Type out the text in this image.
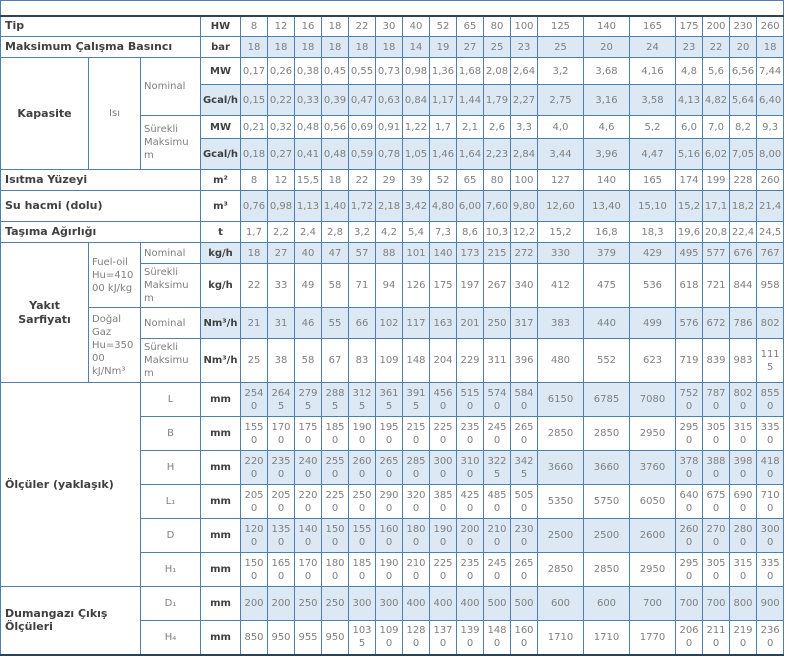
Tip			HW	8	12	16	18	22	30	40	52	65	80	100	125	140	165	175	200	230	260
Maksimum Çalışma Basıncı			bar	18	18	18	18	18	18	14	19	27	25	23	25	20	24	23	22	20	18
Kapasite	Isı	Nominal	MW	0,17	0,26	0,38	0,45	0,55	0,73	0,98	1,36	1,68	2,08	2,64	3,2	3,68	4,16	4,8	5,6	6,56	7,44
			Gcal/h	0,15	0,22	0,33	0,39	0,47	0,63	0,84	1,17	1,44	1,79	2,27	2,75	3,16	3,58	4,13	4,82	5,64	6,40
		Sürekli Maksimum	MW	0,21	0,32	0,48	0,56	0,69	0,91	1,22	1,7	2,1	2,6	3,3	4,0	4,6	5,2	6,0	7,0	8,2	9,3
			Gcal/h	0,18	0,27	0,41	0,48	0,59	0,78	1,05	1,46	1,64	2,23	2,84	3,44	3,96	4,47	5,16	6,02	7,05	8,00
Isıtma Yüzeyi			m²	8	12	15,5	18	22	29	39	52	65	80	100	127	140	165	174	199	228	260
Su hacmi (dolu)			m³	0,76	0,98	1,13	1,40	1,72	2,18	3,42	4,80	6,00	7,60	9,80	12,60	13,40	15,10	15,2	17,1	18,2	21,4
Taşıma Ağırlığı			t	1,7	2,2	2,4	2,8	3,2	4,2	5,4	7,3	8,6	10,3	12,2	15,2	16,8	18,3	19,6	20,8	22,4	24,5
Yakıt Sarfiyatı	Fuel-oil Hu=41000 kJ/kg	Nominal	kg/h	18	27	40	47	57	88	101	140	173	215	272	330	379	429	495	577	676	767
		Sürekli Maksimum	kg/h	22	33	49	58	71	94	126	175	197	267	340	412	475	536	618	721	844	958
	Doğal Gaz Hu=35000 kJ/Nm³	Nominal	Nm³/h	21	31	46	55	66	102	117	163	201	250	317	383	440	499	576	672	786	802
		Sürekli Maksimum	Nm³/h	25	38	58	67	83	109	148	204	229	311	396	480	552	623	719	839	983	1115
Ölçüler (yaklaşık)		L	mm	2540	2645	2795	2885	3125	3615	3915	4560	5150	5740	5840	6150	6785	7080	7520	7870	8020	8550
		B	mm	1550	1700	1750	1850	1900	1950	2150	2250	2350	2450	2650	2850	2850	2950	2950	3050	3150	3350
		H	mm	2200	2350	2400	2550	2600	2650	2850	3000	3100	3225	3425	3660	3660	3760	3780	3880	3980	4180
		L₁	mm	2050	2050	2200	2250	2500	2900	3200	3850	4250	4850	5050	5350	5750	6050	6400	6750	6900	7100
		D	mm	1200	1350	1400	1500	1550	1600	1800	1900	2000	2100	2300	2500	2500	2600	2600	2700	2800	3000
		H₁	mm	1500	1650	1700	1800	1850	1900	2100	2250	2350	2450	2650	2850	2850	2950	2950	3050	3150	3350
Dumangazı Çıkış Ölçüleri		D₁	mm	200	200	250	250	300	300	400	400	400	500	500	600	600	700	700	700	800	900
		H₄	mm	850	950	955	950	1035	1090	1280	1370	1390	1480	1600	1710	1710	1770	2060	2110	2190	2360
